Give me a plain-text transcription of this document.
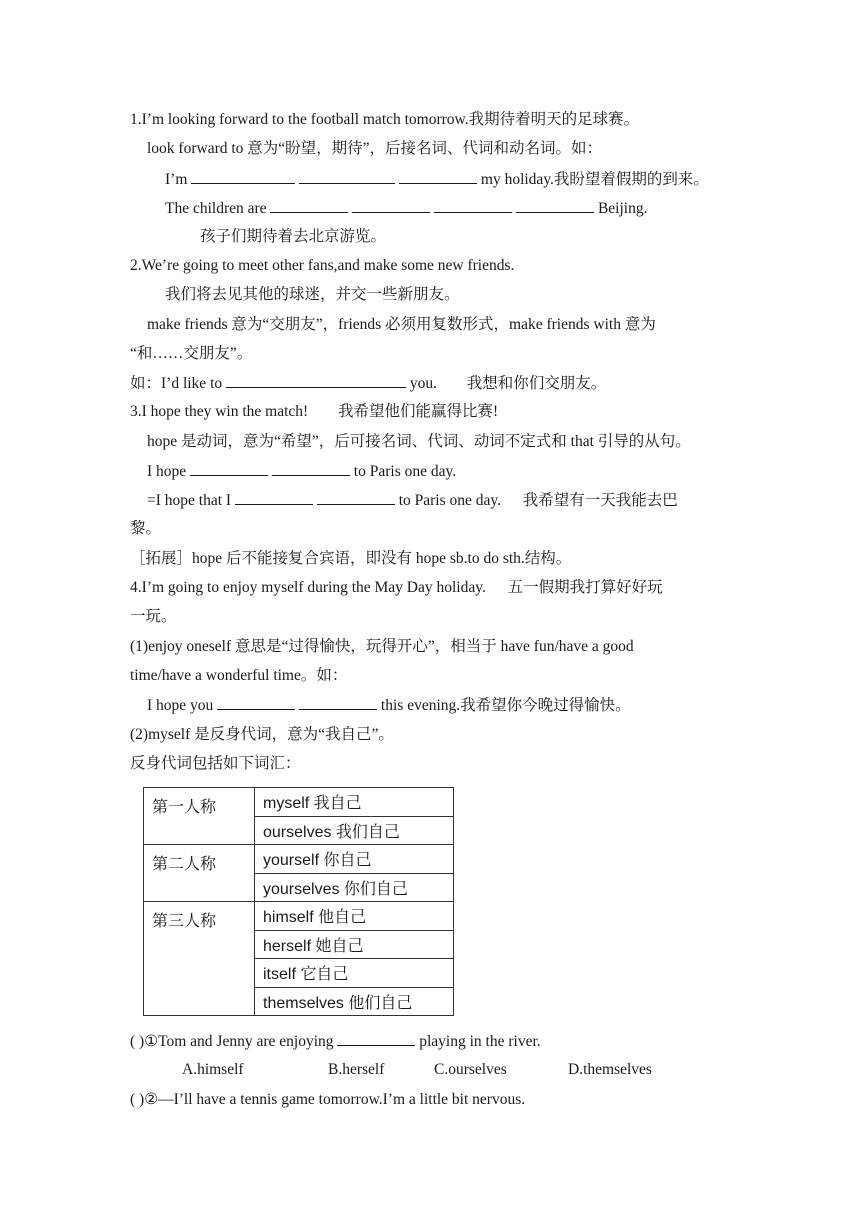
1.I’m looking forward to the football match tomorrow.我期待着明天的足球赛。
look forward to 意为“盼望，期待”，后接名词、代词和动名词。如：
I’m	my holiday.我盼望着假期的到来。
The children are	Beijing.
孩子们期待着去北京游览。
2.We’re going to meet other fans,and make some new friends.
我们将去见其他的球迷，并交一些新朋友。
make friends 意为“交朋友”，friends 必须用复数形式，make friends with 意为
“和……交朋友”。
如：I’d like to	you. 我想和你们交朋友。
3.I hope they win the match! 我希望他们能赢得比赛!
hope 是动词，意为“希望”，后可接名词、代词、动词不定式和 that 引导的从句。
I hope	to Paris one day.
=I hope that I	to Paris one day. 我希望有一天我能去巴
黎。
［拓展］hope 后不能接复合宾语，即没有 hope sb.to do sth.结构。
4.I’m going to enjoy myself during the May Day holiday. 五一假期我打算好好玩
一玩。
(1)enjoy oneself 意思是“过得愉快，玩得开心”，相当于 have fun/have a good
time/have a wonderful time。如：
I hope you	this evening.我希望你今晚过得愉快。
(2)myself 是反身代词，意为“我自己”。
反身代词包括如下词汇：
第一人称	myself 我自己
	ourselves 我们自己
第二人称	yourself 你自己
	yourselves 你们自己
第三人称	himself 他自己
	herself 她自己
	itself 它自己
	themselves 他们自己
( )①Tom and Jenny are enjoying	playing in the river.
A.himself	B.herself	C.ourselves	D.themselves
( )②—I’ll have a tennis game tomorrow.I’m a little bit nervous.
